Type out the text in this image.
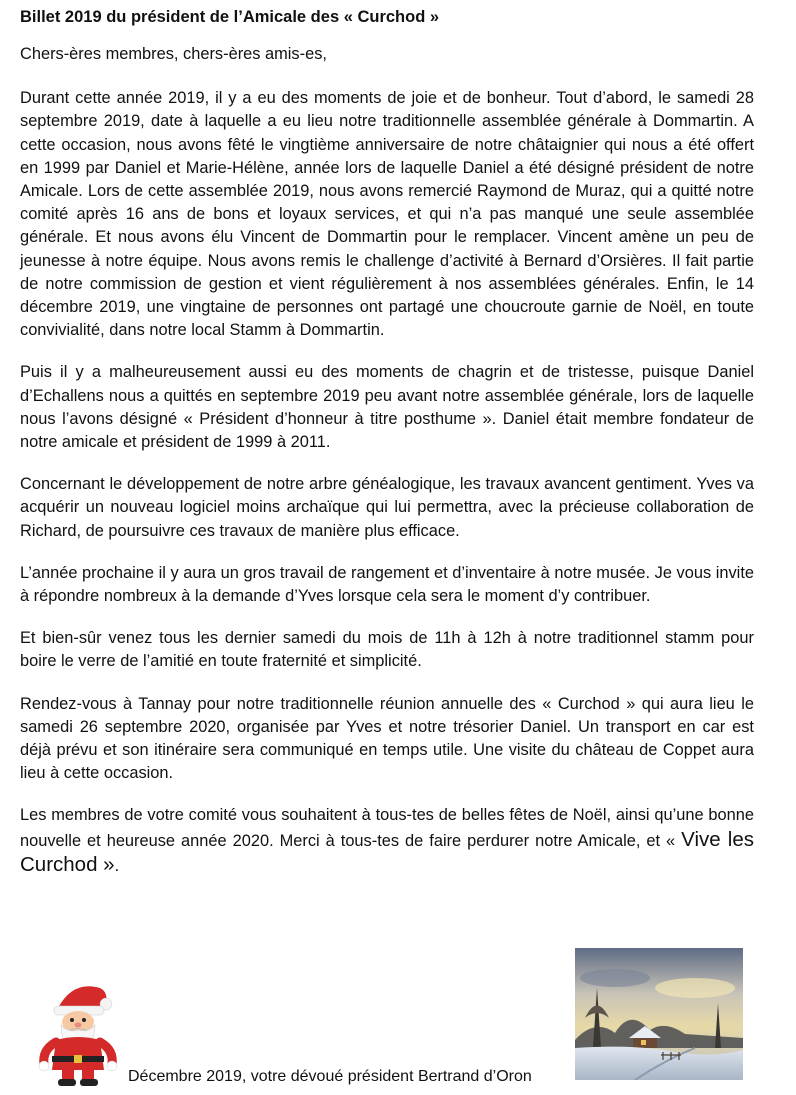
Billet 2019 du président de l’Amicale des « Curchod »

Chers-ères membres, chers-ères amis-es,

Durant cette année 2019, il y a eu des moments de joie et de bonheur. Tout d’abord, le samedi 28 septembre 2019, date à laquelle a eu lieu notre traditionnelle assemblée générale à Dommartin. A cette occasion, nous avons fêté le vingtième anniversaire de notre châtaignier qui nous a été offert en 1999 par Daniel et Marie-Hélène, année lors de laquelle Daniel a été désigné président de notre Amicale. Lors de cette assemblée 2019, nous avons remercié Raymond de Muraz, qui a quitté notre comité après 16 ans de bons et loyaux services, et qui n’a pas manqué une seule assemblée générale. Et nous avons élu Vincent de Dommartin pour le remplacer. Vincent amène un peu de jeunesse à notre équipe. Nous avons remis le challenge d’activité à Bernard d’Orsières. Il fait partie de notre commission de gestion et vient régulièrement à nos assemblées générales. Enfin, le 14 décembre 2019, une vingtaine de personnes ont partagé une choucroute garnie de Noël, en toute convivialité, dans notre local Stamm à Dommartin.

Puis il y a malheureusement aussi eu des moments de chagrin et de tristesse, puisque Daniel d’Echallens nous a quittés en septembre 2019 peu avant notre assemblée générale, lors de laquelle nous l’avons désigné « Président d’honneur à titre posthume ». Daniel était membre fondateur de notre amicale et président de 1999 à 2011.

Concernant le développement de notre arbre généalogique, les travaux avancent gentiment. Yves va acquérir un nouveau logiciel moins archaïque qui lui permettra, avec la précieuse collaboration de Richard, de poursuivre ces travaux de manière plus efficace.

L’année prochaine il y aura un gros travail de rangement et d’inventaire à notre musée. Je vous invite à répondre nombreux à la demande d’Yves lorsque cela sera le moment d’y contribuer.

Et bien-sûr venez tous les dernier samedi du mois de 11h à 12h à notre traditionnel stamm pour boire le verre de l’amitié en toute fraternité et simplicité.

Rendez-vous à Tannay pour notre traditionnelle réunion annuelle des « Curchod » qui aura lieu le samedi 26 septembre 2020, organisée par Yves et notre trésorier Daniel. Un transport en car est déjà prévu et son itinéraire sera communiqué en temps utile. Une visite du château de Coppet aura lieu à cette occasion.

Les membres de votre comité vous souhaitent à tous-tes de belles fêtes de Noël, ainsi qu’une bonne nouvelle et heureuse année 2020. Merci à tous-tes de faire perdurer notre Amicale, et « Vive les Curchod ».

Décembre 2019, votre dévoué président Bertrand d’Oron
